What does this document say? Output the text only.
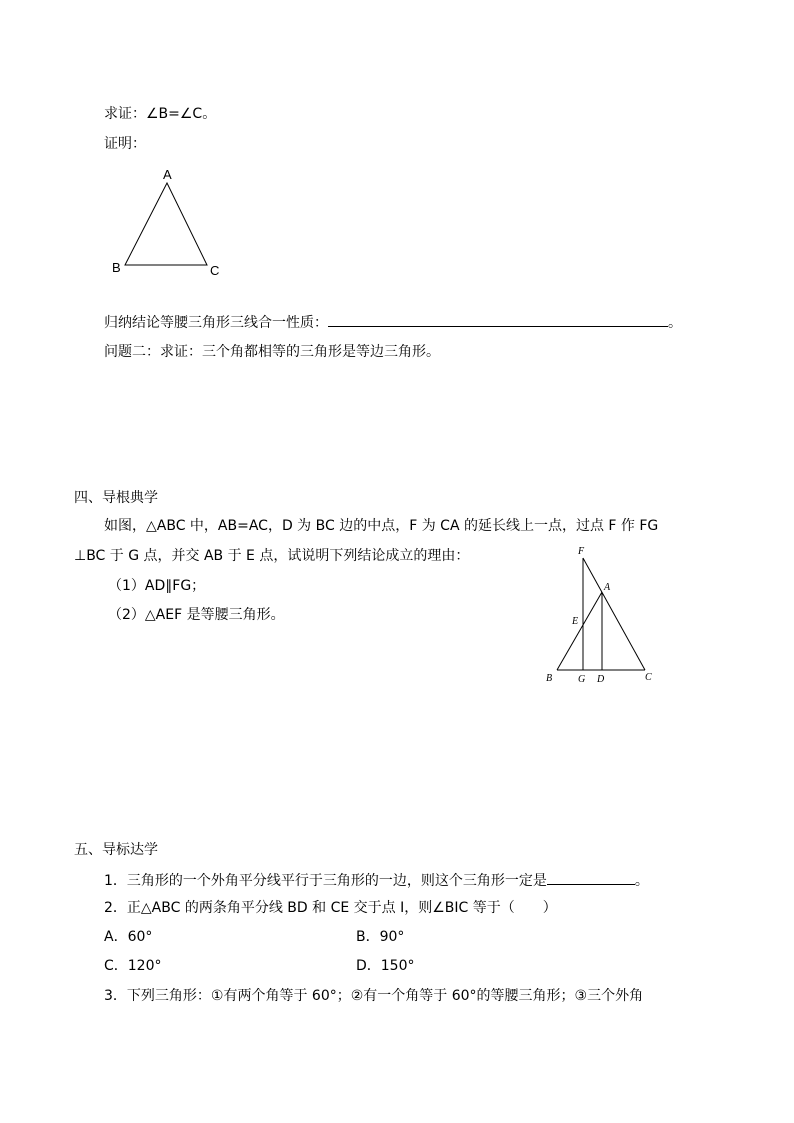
求证：∠B=∠C。
证明：
A
B	C
归纳结论等腰三角形三线合一性质：	。
问题二：求证：三个角都相等的三角形是等边三角形。
四、导根典学
如图，△ABC 中，AB=AC，D 为 BC 边的中点，F 为 CA 的延长线上一点，过点 F 作 FG
⊥BC 于 G 点，并交 AB 于 E 点，试说明下列结论成立的理由：
（1）AD∥FG；
（2）△AEF 是等腰三角形。
F
A
E
B	G D	C
五、导标达学
1．三角形的一个外角平分线平行于三角形的一边，则这个三角形一定是	。
2．正△ABC 的两条角平分线 BD 和 CE 交于点 I，则∠BIC 等于（　　）
A．60°	B．90°
C．120°	D．150°
3．下列三角形：①有两个角等于 60°；②有一个角等于 60°的等腰三角形；③三个外角
